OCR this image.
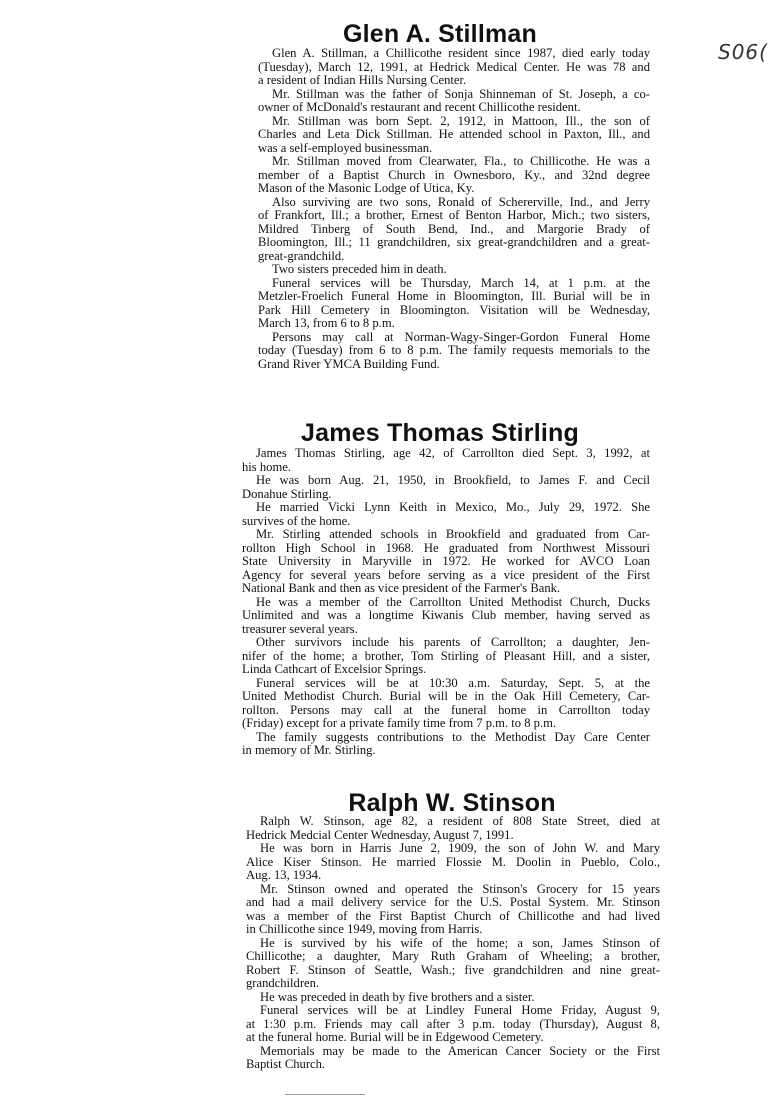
S06(
Glen A. Stillman
Glen A. Stillman, a Chillicothe resident since 1987, died early today
(Tuesday), March 12, 1991, at Hedrick Medical Center. He was 78 and
a resident of Indian Hills Nursing Center.
Mr. Stillman was the father of Sonja Shinneman of St. Joseph, a co-
owner of McDonald's restaurant and recent Chillicothe resident.
Mr. Stillman was born Sept. 2, 1912, in Mattoon, Ill., the son of
Charles and Leta Dick Stillman. He attended school in Paxton, Ill., and
was a self-employed businessman.
Mr. Stillman moved from Clearwater, Fla., to Chillicothe. He was a
member of a Baptist Church in Ownesboro, Ky., and 32nd degree
Mason of the Masonic Lodge of Utica, Ky.
Also surviving are two sons, Ronald of Schererville, Ind., and Jerry
of Frankfort, Ill.; a brother, Ernest of Benton Harbor, Mich.; two sisters,
Mildred Tinberg of South Bend, Ind., and Margorie Brady of
Bloomington, Ill.; 11 grandchildren, six great-grandchildren and a great-
great-grandchild.
Two sisters preceded him in death.
Funeral services will be Thursday, March 14, at 1 p.m. at the
Metzler-Froelich Funeral Home in Bloomington, Ill. Burial will be in
Park Hill Cemetery in Bloomington. Visitation will be Wednesday,
March 13, from 6 to 8 p.m.
Persons may call at Norman-Wagy-Singer-Gordon Funeral Home
today (Tuesday) from 6 to 8 p.m. The family requests memorials to the
Grand River YMCA Building Fund.
James Thomas Stirling
James Thomas Stirling, age 42, of Carrollton died Sept. 3, 1992, at
his home.
He was born Aug. 21, 1950, in Brookfield, to James F. and Cecil
Donahue Stirling.
He married Vicki Lynn Keith in Mexico, Mo., July 29, 1972. She
survives of the home.
Mr. Stirling attended schools in Brookfield and graduated from Car-
rollton High School in 1968. He graduated from Northwest Missouri
State University in Maryville in 1972. He worked for AVCO Loan
Agency for several years before serving as a vice president of the First
National Bank and then as vice president of the Farmer's Bank.
He was a member of the Carrollton United Methodist Church, Ducks
Unlimited and was a longtime Kiwanis Club member, having served as
treasurer several years.
Other survivors include his parents of Carrollton; a daughter, Jen-
nifer of the home; a brother, Tom Stirling of Pleasant Hill, and a sister,
Linda Cathcart of Excelsior Springs.
Funeral services will be at 10:30 a.m. Saturday, Sept. 5, at the
United Methodist Church. Burial will be in the Oak Hill Cemetery, Car-
rollton. Persons may call at the funeral home in Carrollton today
(Friday) except for a private family time from 7 p.m. to 8 p.m.
The family suggests contributions to the Methodist Day Care Center
in memory of Mr. Stirling.
Ralph W. Stinson
Ralph W. Stinson, age 82, a resident of 808 State Street, died at
Hedrick Medcial Center Wednesday, August 7, 1991.
He was born in Harris June 2, 1909, the son of John W. and Mary
Alice Kiser Stinson. He married Flossie M. Doolin in Pueblo, Colo.,
Aug. 13, 1934.
Mr. Stinson owned and operated the Stinson's Grocery for 15 years
and had a mail delivery service for the U.S. Postal System. Mr. Stinson
was a member of the First Baptist Church of Chillicothe and had lived
in Chillicothe since 1949, moving from Harris.
He is survived by his wife of the home; a son, James Stinson of
Chillicothe; a daughter, Mary Ruth Graham of Wheeling; a brother,
Robert F. Stinson of Seattle, Wash.; five grandchildren and nine great-
grandchildren.
He was preceded in death by five brothers and a sister.
Funeral services will be at Lindley Funeral Home Friday, August 9,
at 1:30 p.m. Friends may call after 3 p.m. today (Thursday), August 8,
at the funeral home. Burial will be in Edgewood Cemetery.
Memorials may be made to the American Cancer Society or the First
Baptist Church.
